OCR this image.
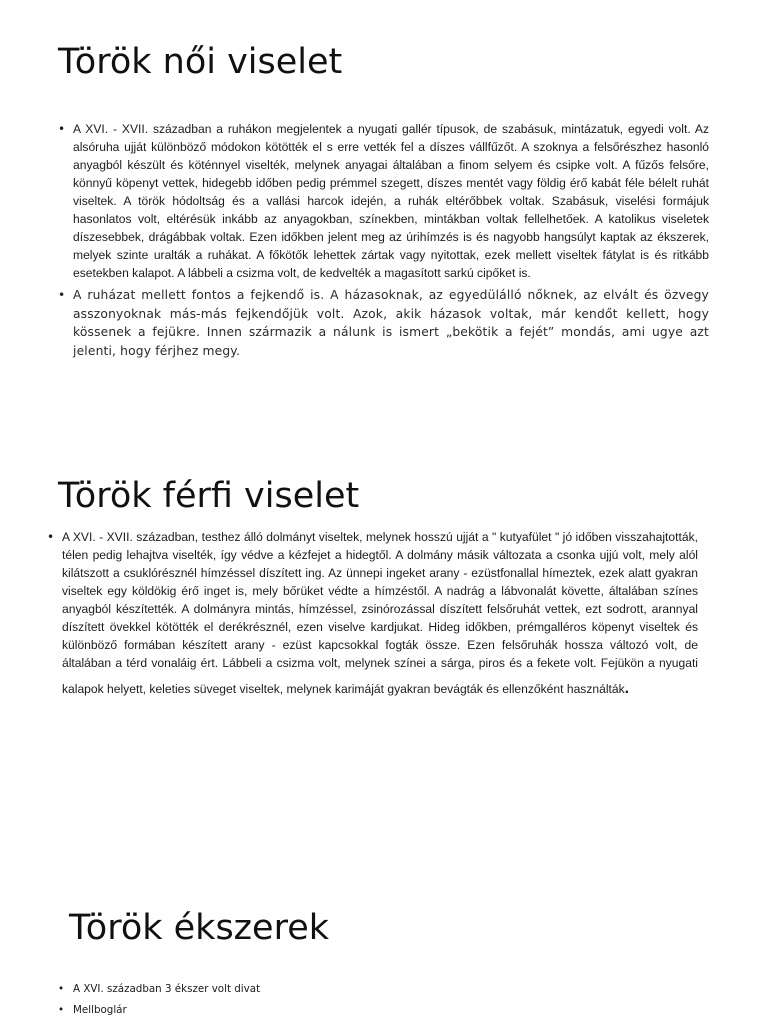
Török női viselet
• A XVI. - XVII. században a ruhákon megjelentek a nyugati gallér típusok, de szabásuk, mintázatuk, egyedi volt. Az alsóruha ujját különböző módokon kötötték el s erre vették fel a díszes vállfűzőt. A szoknya a felsőrészhez hasonló anyagból készült és köténnyel viselték, melynek anyagai általában a finom selyem és csipke volt. A fűzős felsőre, könnyű köpenyt vettek, hidegebb időben pedig prémmel szegett, díszes mentét vagy földig érő kabát féle bélelt ruhát viseltek. A török hódoltság és a vallási harcok idején, a ruhák eltérőbbek voltak. Szabásuk, viselési formájuk hasonlatos volt, eltérésük inkább az anyagokban, színekben, mintákban voltak fellelhetőek. A katolikus viseletek díszesebbek, drágábbak voltak. Ezen időkben jelent meg az úrihímzés is és nagyobb hangsúlyt kaptak az ékszerek, melyek szinte uralták a ruhákat. A főkötők lehettek zártak vagy nyitottak, ezek mellett viseltek fátylat is és ritkább esetekben kalapot. A lábbeli a csizma volt, de kedvelték a magasított sarkú cipőket is.
• A ruházat mellett fontos a fejkendő is. A házasoknak, az egyedülálló nőknek, az elvált és özvegy asszonyoknak más-más fejkendőjük volt. Azok, akik házasok voltak, már kendőt kellett, hogy kössenek a fejükre. Innen származik a nálunk is ismert „bekötik a fejét” mondás, ami ugye azt jelenti, hogy férjhez megy.
Török férfi viselet
• A XVI. - XVII. században, testhez álló dolmányt viseltek, melynek hosszú ujját a " kutyafület " jó időben visszahajtották, télen pedig lehajtva viselték, így védve a kézfejet a hidegtől. A dolmány másik változata a csonka ujjú volt, mely alól kilátszott a csuklórésznél hímzéssel díszített ing. Az ünnepi ingeket arany - ezüstfonallal hímeztek, ezek alatt gyakran viseltek egy köldökig érő inget is, mely bőrüket védte a hímzéstől. A nadrág a lábvonalát követte, általában színes anyagból készítették. A dolmányra mintás, hímzéssel, zsinórozással díszített felsőruhát vettek, ezt sodrott, arannyal díszített övekkel kötötték el derékrésznél, ezen viselve kardjukat. Hideg időkben, prémgalléros köpenyt viseltek és különböző formában készített arany - ezüst kapcsokkal fogták össze. Ezen felsőruhák hossza változó volt, de általában a térd vonaláig ért. Lábbeli a csizma volt, melynek színei a sárga, piros és a fekete volt. Fejükön a nyugati kalapok helyett, keleties süveget viseltek, melynek karimáját gyakran bevágták és ellenzőként használták.
Török ékszerek
• A XVI. században 3 ékszer volt divat
• Mellboglár
